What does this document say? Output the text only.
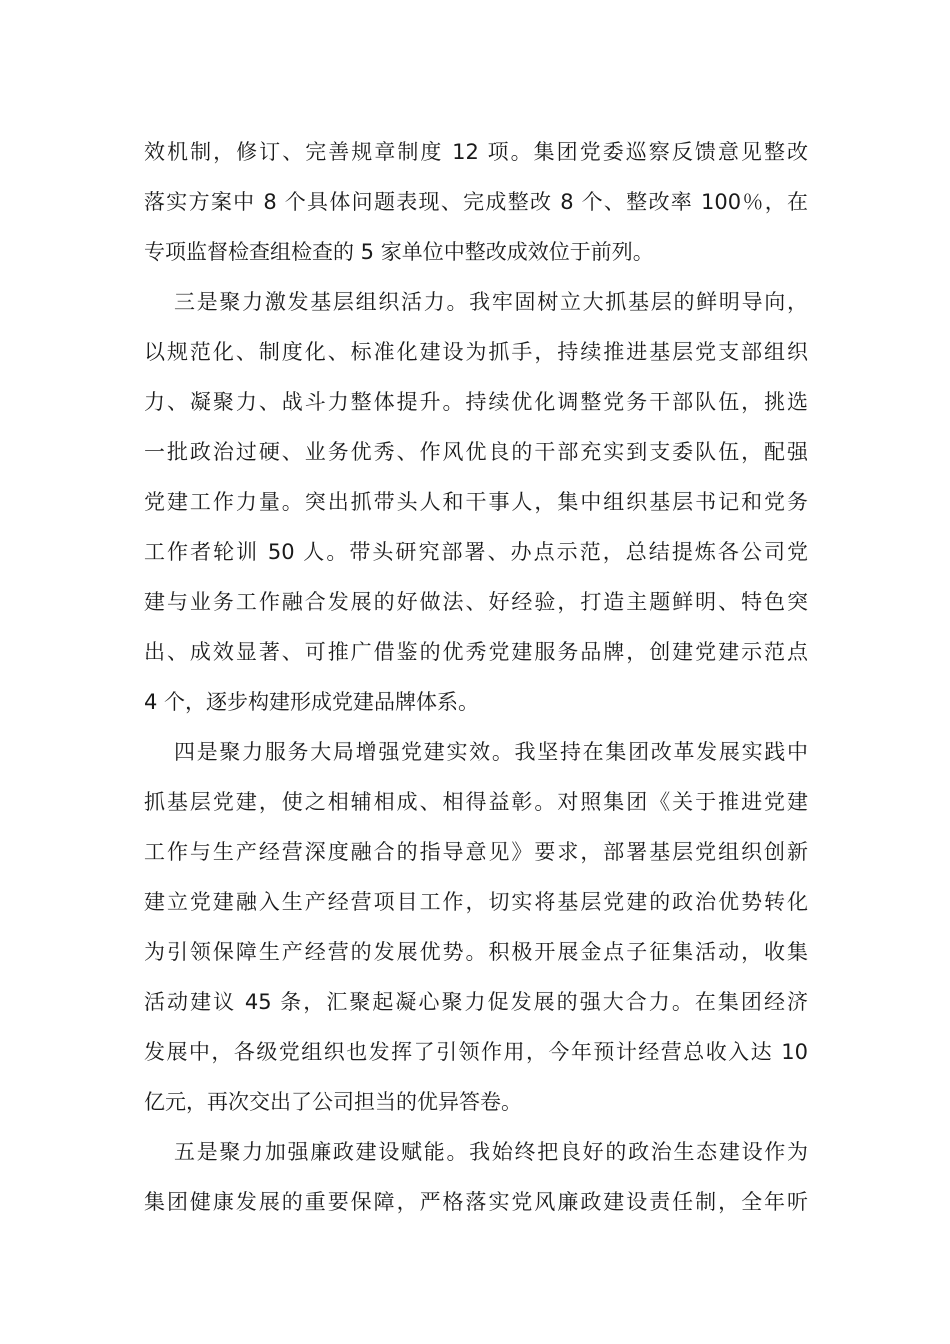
效机制，修订、完善规章制度 12 项。集团党委巡察反馈意见整改
落实方案中 8 个具体问题表现、完成整改 8 个、整改率 100％，在
专项监督检查组检查的 5 家单位中整改成效位于前列。
三是聚力激发基层组织活力。我牢固树立大抓基层的鲜明导向，
以规范化、制度化、标准化建设为抓手，持续推进基层党支部组织
力、凝聚力、战斗力整体提升。持续优化调整党务干部队伍，挑选
一批政治过硬、业务优秀、作风优良的干部充实到支委队伍，配强
党建工作力量。突出抓带头人和干事人，集中组织基层书记和党务
工作者轮训 50 人。带头研究部署、办点示范，总结提炼各公司党
建与业务工作融合发展的好做法、好经验，打造主题鲜明、特色突
出、成效显著、可推广借鉴的优秀党建服务品牌，创建党建示范点
4 个，逐步构建形成党建品牌体系。
四是聚力服务大局增强党建实效。我坚持在集团改革发展实践中
抓基层党建，使之相辅相成、相得益彰。对照集团《关于推进党建
工作与生产经营深度融合的指导意见》要求，部署基层党组织创新
建立党建融入生产经营项目工作，切实将基层党建的政治优势转化
为引领保障生产经营的发展优势。积极开展金点子征集活动，收集
活动建议 45 条，汇聚起凝心聚力促发展的强大合力。在集团经济
发展中，各级党组织也发挥了引领作用，今年预计经营总收入达 10
亿元，再次交出了公司担当的优异答卷。
五是聚力加强廉政建设赋能。我始终把良好的政治生态建设作为
集团健康发展的重要保障，严格落实党风廉政建设责任制，全年听
